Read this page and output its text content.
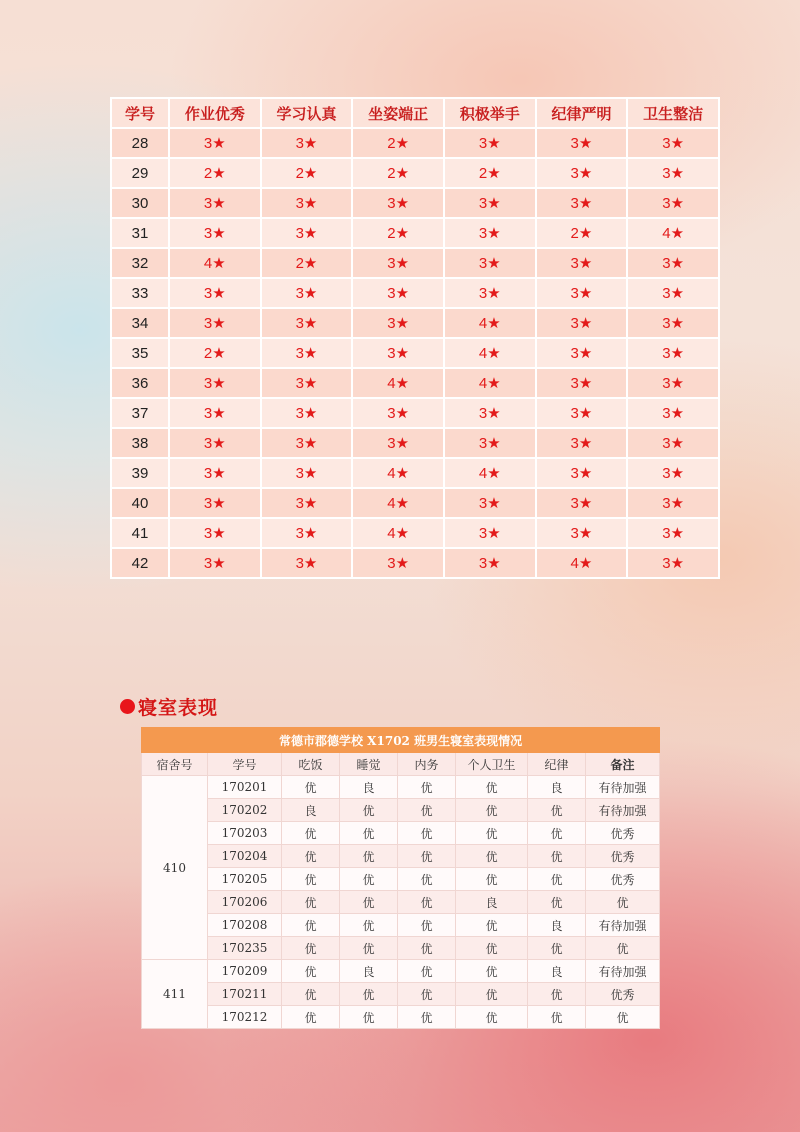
学号	作业优秀	学习认真	坐姿端正	积极举手	纪律严明	卫生整洁
28	3★	3★	2★	3★	3★	3★
29	2★	2★	2★	2★	3★	3★
30	3★	3★	3★	3★	3★	3★
31	3★	3★	2★	3★	2★	4★
32	4★	2★	3★	3★	3★	3★
33	3★	3★	3★	3★	3★	3★
34	3★	3★	3★	4★	3★	3★
35	2★	3★	3★	4★	3★	3★
36	3★	3★	4★	4★	3★	3★
37	3★	3★	3★	3★	3★	3★
38	3★	3★	3★	3★	3★	3★
39	3★	3★	4★	4★	3★	3★
40	3★	3★	4★	3★	3★	3★
41	3★	3★	4★	3★	3★	3★
42	3★	3★	3★	3★	4★	3★
寝室表现
常德市郡德学校 X1702 班男生寝室表现情况							
宿舍号	学号	吃饭	睡觉	内务	个人卫生	纪律	备注
410	170201	优	良	优	优	良	有待加强
	170202	良	优	优	优	优	有待加强
	170203	优	优	优	优	优	优秀
	170204	优	优	优	优	优	优秀
	170205	优	优	优	优	优	优秀
	170206	优	优	优	良	优	优
	170208	优	优	优	优	良	有待加强
	170235	优	优	优	优	优	优
411	170209	优	良	优	优	良	有待加强
	170211	优	优	优	优	优	优秀
	170212	优	优	优	优	优	优
